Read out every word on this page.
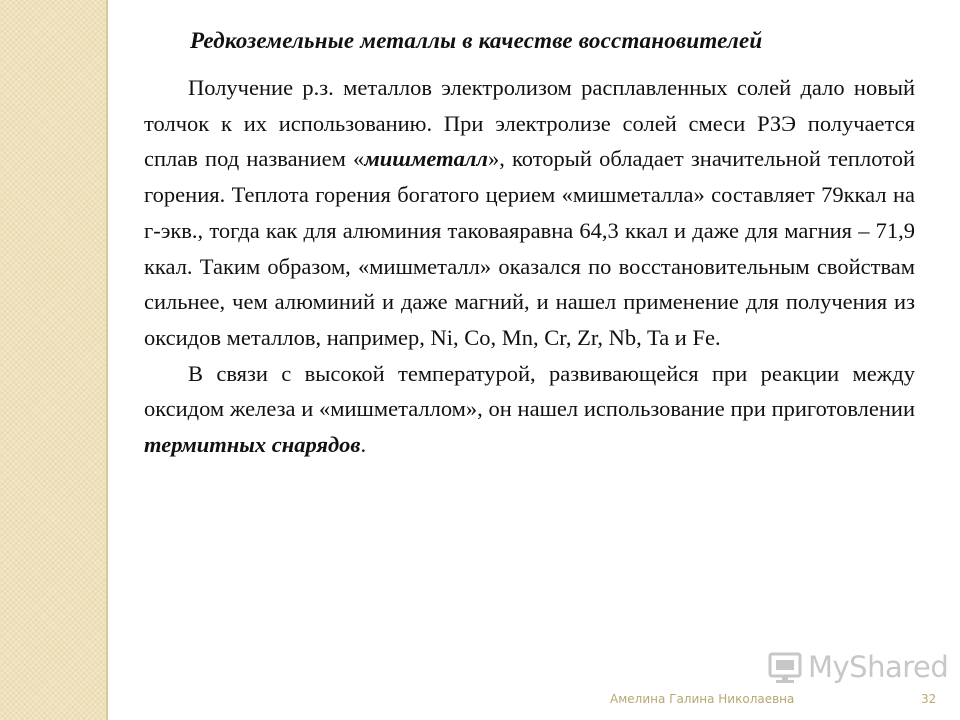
Редкоземельные металлы в качестве восстановителей

Получение р.з. металлов электролизом расплавленных солей дало новый толчок к их использованию. При электролизе солей смеси РЗЭ получается сплав под названием «мишметалл», который обладает значительной теплотой горения. Теплота горения богатого церием «мишметалла» составляет 79ккал на г-экв., тогда как для алюминия таковаяравна 64,3 ккал и даже для магния – 71,9 ккал. Таким образом, «мишметалл» оказался по восстановительным свойствам сильнее, чем алюминий и даже магний, и нашел применение для получения из оксидов металлов, например, Ni, Co, Mn, Cr, Zr, Nb, Ta и Fe.

В связи с высокой температурой, развивающейся при реакции между оксидом железа и «мишметаллом», он нашел использование при приготовлении термитных снарядов.

MyShared
Амелина Галина Николаевна	32
